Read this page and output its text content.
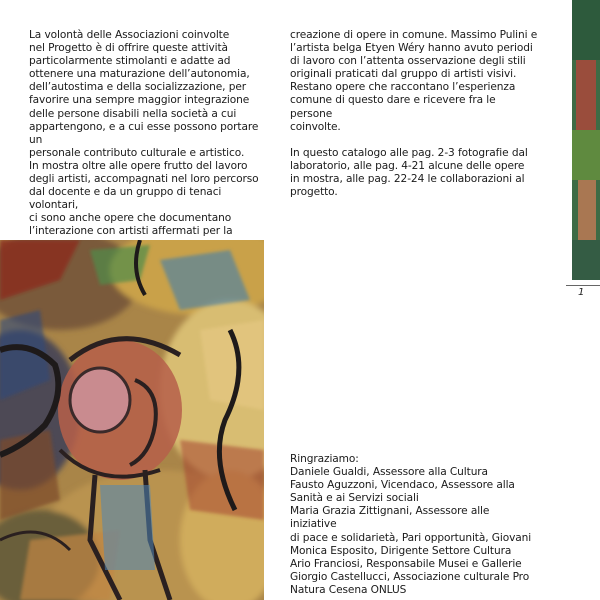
La volontà delle Associazioni coinvolte
nel Progetto è di offrire queste attività
particolarmente stimolanti e adatte ad
ottenere una maturazione dell’autonomia,
dell’autostima e della socializzazione, per
favorire una sempre maggior integrazione
delle persone disabili nella società a cui
appartengono, e a cui esse possono portare un
personale contributo culturale e artistico.

In mostra oltre alle opere frutto del lavoro
degli artisti, accompagnati nel loro percorso
dal docente e da un gruppo di tenaci volontari,
ci sono anche opere che documentano
l’interazione con artisti affermati per la

creazione di opere in comune. Massimo Pulini e
l’artista belga Etyen Wéry hanno avuto periodi
di lavoro con l’attenta osservazione degli stili
originali praticati dal gruppo di artisti visivi.
Restano opere che raccontano l’esperienza
comune di questo dare e ricevere fra le persone
coinvolte.

In questo catalogo alle pag. 2-3 fotografie dal
laboratorio, alle pag. 4-21 alcune delle opere
in mostra, alle pag. 22-24 le collaborazioni al
progetto.

Ringraziamo:
Daniele Gualdi, Assessore alla Cultura
Fausto Aguzzoni, Vicendaco, Assessore alla
Sanità e ai Servizi sociali
Maria Grazia Zittignani, Assessore alle iniziative
di pace e solidarietà, Pari opportunità, Giovani
Monica Esposito, Dirigente Settore Cultura
Ario Franciosi, Responsabile Musei e Gallerie
Giorgio Castellucci, Associazione culturale Pro
Natura Cesena ONLUS
1
